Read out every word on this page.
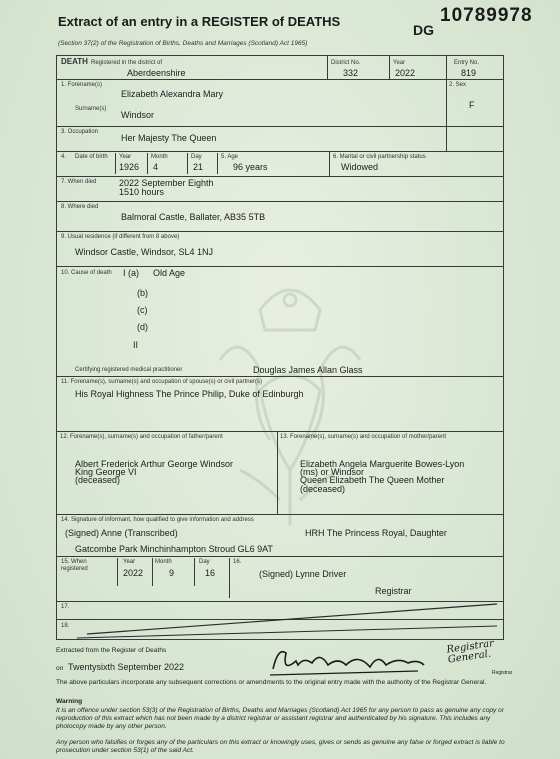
Extract of an entry in a REGISTER of DEATHS
DG
10789978
(Section 37(2) of the Registration of Births, Deaths and Marriages (Scotland) Act 1965)
DEATH Registered in the district of
Aberdeenshire
District No.
332
Year
2022
Entry No.
819
1. Forename(s)
Elizabeth Alexandra Mary
2. Sex
F
Surname(s)
Windsor
3. Occupation
Her Majesty The Queen
4. Date of birth	Year
1926
Month
4
Day
21
5. Age
96 years
6. Marital or civil partnership status
Widowed
7. When died	2022 September Eighth
1510 hours
8. Where died
Balmoral Castle, Ballater, AB35 5TB
9. Usual residence (if different from 8 above)
Windsor Castle, Windsor, SL4 1NJ
10. Cause of death I (a) Old Age
(b)
(c)
(d)
II
Certifying registered medical practitioner	Douglas James Allan Glass
11. Forename(s), surname(s) and occupation of spouse(s) or civil partner(s)
His Royal Highness The Prince Philip, Duke of Edinburgh
12. Forename(s), surname(s) and occupation of father/parent
Albert Frederick Arthur George Windsor
King George VI
(deceased)
13. Forename(s), surname(s) and occupation of mother/parent
Elizabeth Angela Marguerite Bowes-Lyon
(ms) or Windsor
Queen Elizabeth The Queen Mother
(deceased)
14. Signature of informant, how qualified to give information and address
(Signed) Anne (Transcribed)	HRH The Princess Royal, Daughter
Gatcombe Park Minchinhampton Stroud GL6 9AT
15. When registered
Year
2022
Month
9
Day
16
16.
(Signed) Lynne Driver
Registrar
17.
18.
Extracted from the Register of Deaths
on Twentysixth September 2022
Registrar General.
Registrar
The above particulars incorporate any subsequent corrections or amendments to the original entry made with the authority of the Registrar General.
Warning
It is an offence under section 53(3) of the Registration of Births, Deaths and Marriages (Scotland) Act 1965 for any person to pass as genuine any copy or reproduction of this extract which has not been made by a district registrar or assistant registrar and authenticated by his signature. This includes any photocopy made by any other person.
Any person who falsifies or forges any of the particulars on this extract or knowingly uses, gives or sends as genuine any false or forged extract is liable to prosecution under section 53(1) of the said Act.
